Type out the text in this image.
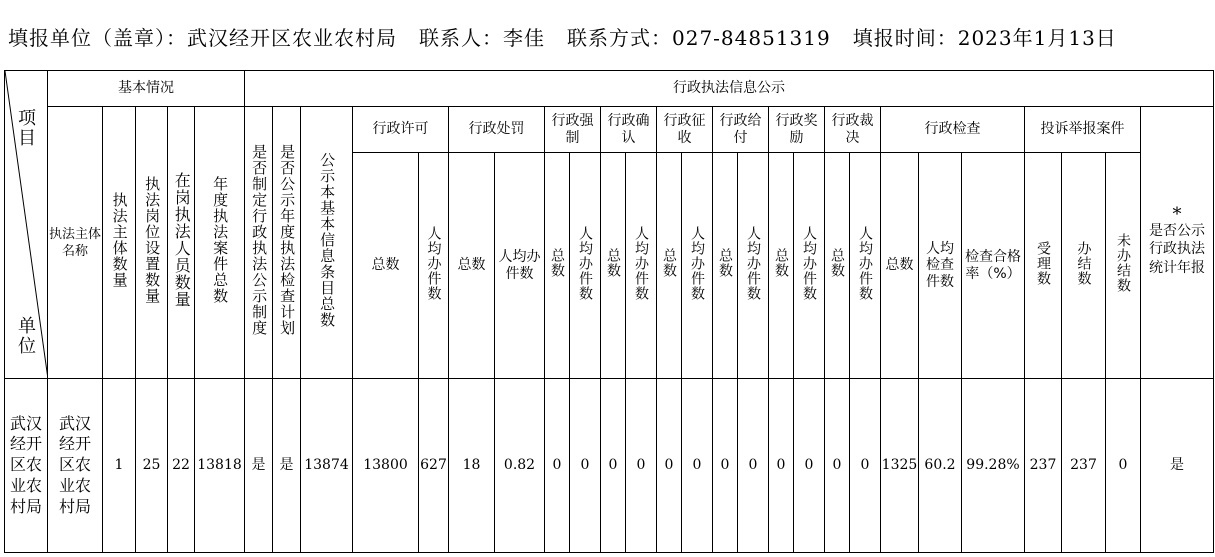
填报单位（盖章）：武汉经开区农业农村局 联系人：李佳 联系方式：027-84851319 填报时间：2023年1月13日
项目
单位	基本情况					行政执法信息公示																									
	执法主体名称	执法主体数量	执法岗位设置数量	在岗执法人员数量	年度执法案件总数	是否制定行政执法公示制度	是否公示年度执法检查计划	公示本基本信息条目总数	行政许可		行政处罚		行政强制		行政确认		行政征收		行政给付		行政奖励		行政裁决		行政检查			投诉举报案件			*
是否公示行政执法统计年报
									总数	人均办件数	总数	人均办件数	总数	人均办件数	总数	人均办件数	总数	人均办件数	总数	人均办件数	总数	人均办件数	总数	人均办件数	总数	人均检查件数	检查合格率（%）	受理数	办结数	未办结数	

武汉经开区农业农村局	武汉经开区农业农村局	1	25	22	13818	是	是	13874	13800	627	18	0.82	0	0	0	0	0	0	0	0	0	0	0	0	1325	60.2	99.28%	237	237	0	是
